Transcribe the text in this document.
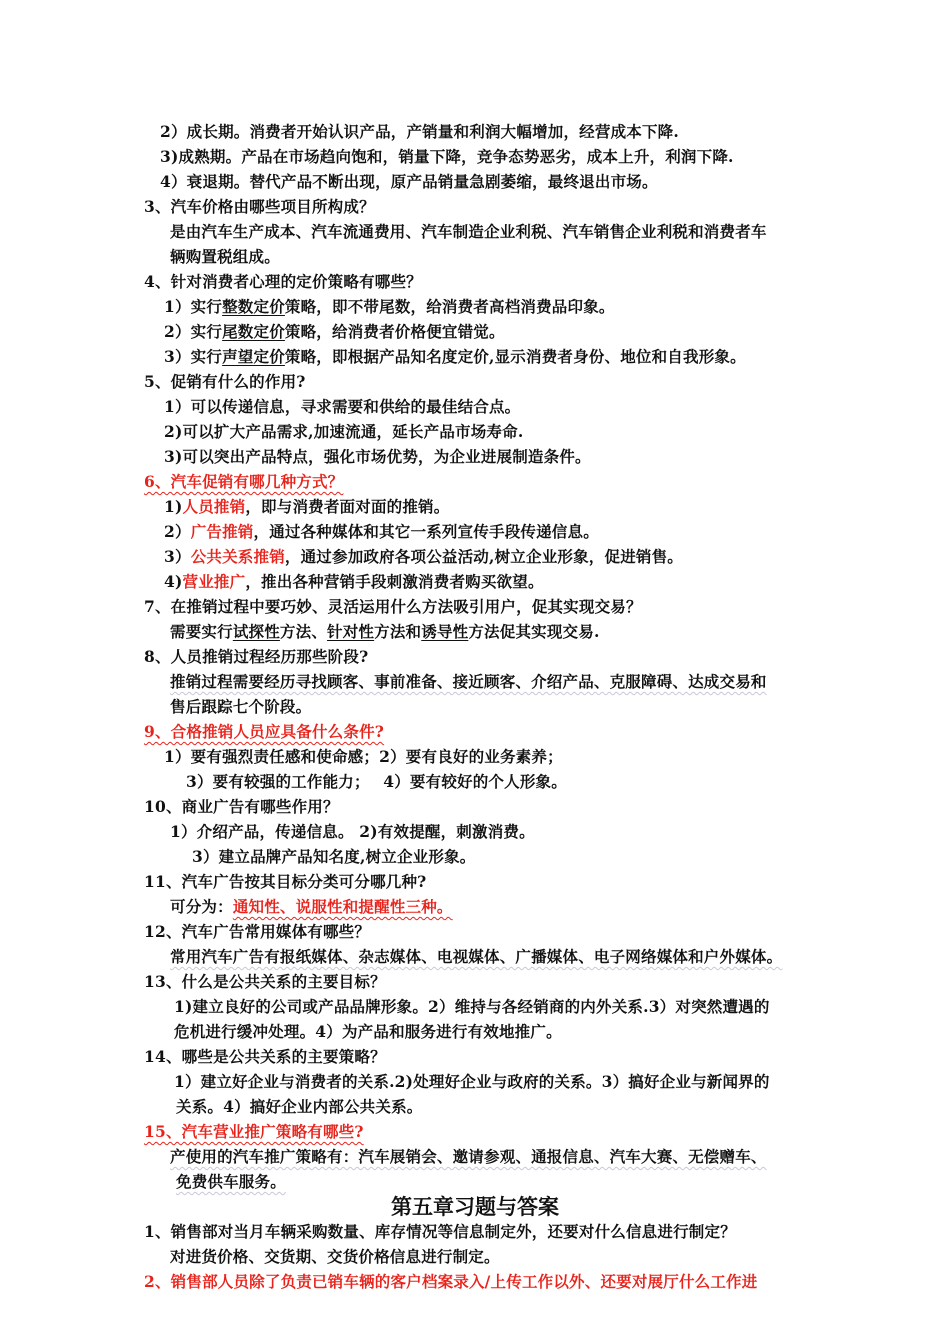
2）成长期。消费者开始认识产品，产销量和利润大幅增加，经营成本下降.
3)成熟期。产品在市场趋向饱和，销量下降，竞争态势恶劣，成本上升，利润下降.
4）衰退期。替代产品不断出现，原产品销量急剧萎缩，最终退出市场。
3、汽车价格由哪些项目所构成？
是由汽车生产成本、汽车流通费用、汽车制造企业利税、汽车销售企业利税和消费者车
辆购置税组成。
4、针对消费者心理的定价策略有哪些？
1）实行整数定价策略，即不带尾数，给消费者高档消费品印象。
2）实行尾数定价策略，给消费者价格便宜错觉。
3）实行声望定价策略，即根据产品知名度定价,显示消费者身份、地位和自我形象。
5、促销有什么的作用?
1）可以传递信息，寻求需要和供给的最佳结合点。
2)可以扩大产品需求,加速流通，延长产品市场寿命.
3)可以突出产品特点，强化市场优势，为企业进展制造条件。
6、汽车促销有哪几种方式？
1)人员推销，即与消费者面对面的推销。
2）广告推销，通过各种媒体和其它一系列宣传手段传递信息。
3）公共关系推销，通过参加政府各项公益活动,树立企业形象，促进销售。
4)营业推广，推出各种营销手段刺激消费者购买欲望。
7、在推销过程中要巧妙、灵活运用什么方法吸引用户，促其实现交易？
需要实行试探性方法、针对性方法和诱导性方法促其实现交易.
8、人员推销过程经历那些阶段?
推销过程需要经历寻找顾客、事前准备、接近顾客、介绍产品、克服障碍、达成交易和
售后跟踪七个阶段。
9、合格推销人员应具备什么条件?
1）要有强烈责任感和使命感；2）要有良好的业务素养；
3）要有较强的工作能力；　 4）要有较好的个人形象。
10、商业广告有哪些作用？
1）介绍产品，传递信息。 2)有效提醒，刺激消费。
3）建立品牌产品知名度,树立企业形象。
11、汽车广告按其目标分类可分哪几种?
可分为：通知性、说服性和提醒性三种。
12、汽车广告常用媒体有哪些？
常用汽车广告有报纸媒体、杂志媒体、电视媒体、广播媒体、电子网络媒体和户外媒体。
13、什么是公共关系的主要目标？
1)建立良好的公司或产品品牌形象。2）维持与各经销商的内外关系.3）对突然遭遇的
危机进行缓冲处理。4）为产品和服务进行有效地推广。
14、哪些是公共关系的主要策略？
1）建立好企业与消费者的关系.2)处理好企业与政府的关系。3）搞好企业与新闻界的
关系。4）搞好企业内部公共关系。
15、汽车营业推广策略有哪些?
产使用的汽车推广策略有：汽车展销会、邀请参观、通报信息、汽车大赛、无偿赠车、
免费供车服务。
第五章习题与答案
1、销售部对当月车辆采购数量、库存情况等信息制定外，还要对什么信息进行制定？
对进货价格、交货期、交货价格信息进行制定。
2、销售部人员除了负责已销车辆的客户档案录入/上传工作以外、还要对展厅什么工作进
